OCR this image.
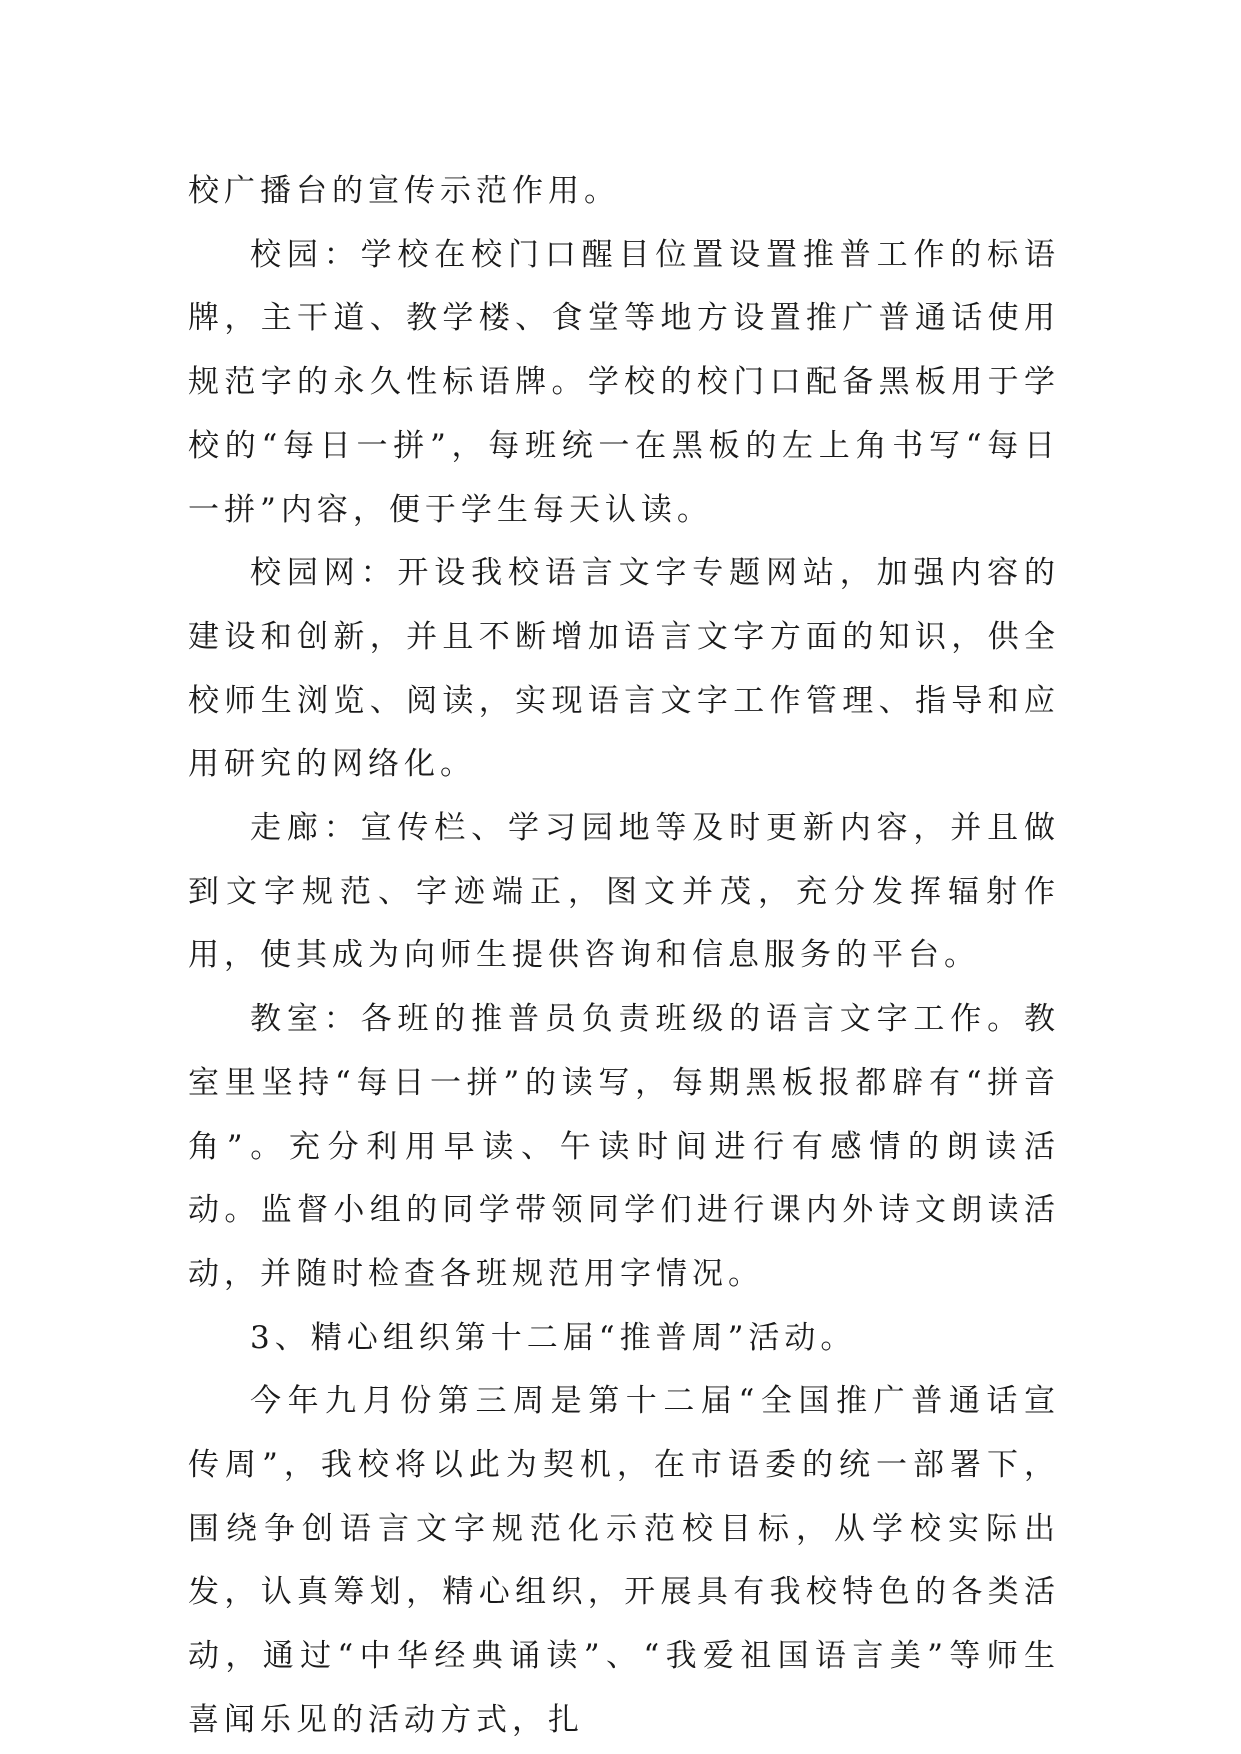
校广播台的宣传示范作用。

校园：学校在校门口醒目位置设置推普工作的标语牌，主干道、教学楼、食堂等地方设置推广普通话使用规范字的永久性标语牌。学校的校门口配备黑板用于学校的“每日一拼”，每班统一在黑板的左上角书写“每日一拼”内容，便于学生每天认读。

校园网：开设我校语言文字专题网站，加强内容的建设和创新，并且不断增加语言文字方面的知识，供全校师生浏览、阅读，实现语言文字工作管理、指导和应用研究的网络化。

走廊：宣传栏、学习园地等及时更新内容，并且做到文字规范、字迹端正，图文并茂，充分发挥辐射作用，使其成为向师生提供咨询和信息服务的平台。

教室：各班的推普员负责班级的语言文字工作。教室里坚持“每日一拼”的读写，每期黑板报都辟有“拼音角”。充分利用早读、午读时间进行有感情的朗读活动。监督小组的同学带领同学们进行课内外诗文朗读活动，并随时检查各班规范用字情况。

3、精心组织第十二届“推普周”活动。

今年九月份第三周是第十二届“全国推广普通话宣传周”，我校将以此为契机，在市语委的统一部署下，围绕争创语言文字规范化示范校目标，从学校实际出发，认真筹划，精心组织，开展具有我校特色的各类活动，通过“中华经典诵读”、“我爱祖国语言美”等师生喜闻乐见的活动方式，扎
